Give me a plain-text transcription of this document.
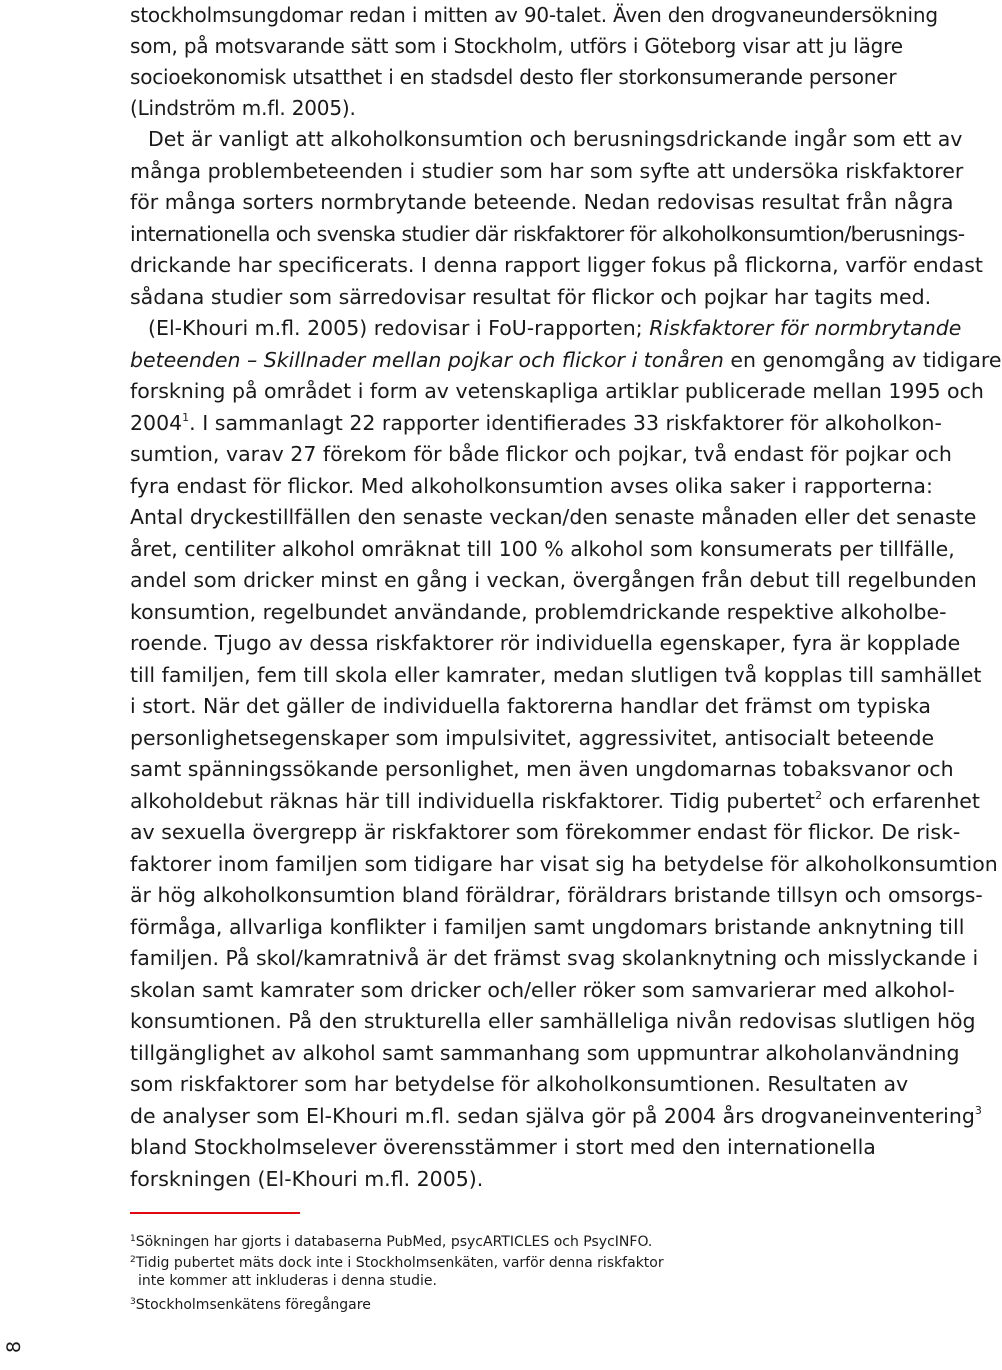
stockholmsungdomar redan i mitten av 90-talet. Även den drogvaneundersökning
som, på motsvarande sätt som i Stockholm, utförs i Göteborg visar att ju lägre
socioekonomisk utsatthet i en stadsdel desto fler storkonsumerande personer
(Lindström m.fl. 2005).
Det är vanligt att alkoholkonsumtion och berusningsdrickande ingår som ett av
många problembeteenden i studier som har som syfte att undersöka riskfaktorer
för många sorters normbrytande beteende. Nedan redovisas resultat från några
internationella och svenska studier där riskfaktorer för alkoholkonsumtion/berusnings-
drickande har specificerats. I denna rapport ligger fokus på flickorna, varför endast
sådana studier som särredovisar resultat för flickor och pojkar har tagits med.
(El-Khouri m.fl. 2005) redovisar i FoU-rapporten; Riskfaktorer för normbrytande
beteenden – Skillnader mellan pojkar och flickor i tonåren en genomgång av tidigare
forskning på området i form av vetenskapliga artiklar publicerade mellan 1995 och
2004$^1$. I sammanlagt 22 rapporter identifierades 33 riskfaktorer för alkoholkon-
sumtion, varav 27 förekom för både flickor och pojkar, två endast för pojkar och
fyra endast för flickor. Med alkoholkonsumtion avses olika saker i rapporterna:
Antal dryckestillfällen den senaste veckan/den senaste månaden eller det senaste
året, centiliter alkohol omräknat till 100 % alkohol som konsumerats per tillfälle,
andel som dricker minst en gång i veckan, övergången från debut till regelbunden
konsumtion, regelbundet användande, problemdrickande respektive alkoholbe-
roende. Tjugo av dessa riskfaktorer rör individuella egenskaper, fyra är kopplade
till familjen, fem till skola eller kamrater, medan slutligen två kopplas till samhället
i stort. När det gäller de individuella faktorerna handlar det främst om typiska
personlighetsegenskaper som impulsivitet, aggressivitet, antisocialt beteende
samt spänningssökande personlighet, men även ungdomarnas tobaksvanor och
alkoholdebut räknas här till individuella riskfaktorer. Tidig pubertet$^2$ och erfarenhet
av sexuella övergrepp är riskfaktorer som förekommer endast för flickor. De risk-
faktorer inom familjen som tidigare har visat sig ha betydelse för alkoholkonsumtion
är hög alkoholkonsumtion bland föräldrar, föräldrars bristande tillsyn och omsorgs-
förmåga, allvarliga konflikter i familjen samt ungdomars bristande anknytning till
familjen. På skol/kamratnivå är det främst svag skolanknytning och misslyckande i
skolan samt kamrater som dricker och/eller röker som samvarierar med alkohol-
konsumtionen. På den strukturella eller samhälleliga nivån redovisas slutligen hög
tillgänglighet av alkohol samt sammanhang som uppmuntrar alkoholanvändning
som riskfaktorer som har betydelse för alkoholkonsumtionen. Resultaten av
de analyser som El-Khouri m.fl. sedan själva gör på 2004 års drogvaneinventering$^3$
bland Stockholmselever överensstämmer i stort med den internationella
forskningen (El-Khouri m.fl. 2005).
$^1$Sökningen har gjorts i databaserna PubMed, psycARTICLES och PsycINFO.
$^2$Tidig pubertet mäts dock inte i Stockholmsenkäten, varför denna riskfaktor
inte kommer att inkluderas i denna studie.
$^3$Stockholmsenkätens föregångare
8
